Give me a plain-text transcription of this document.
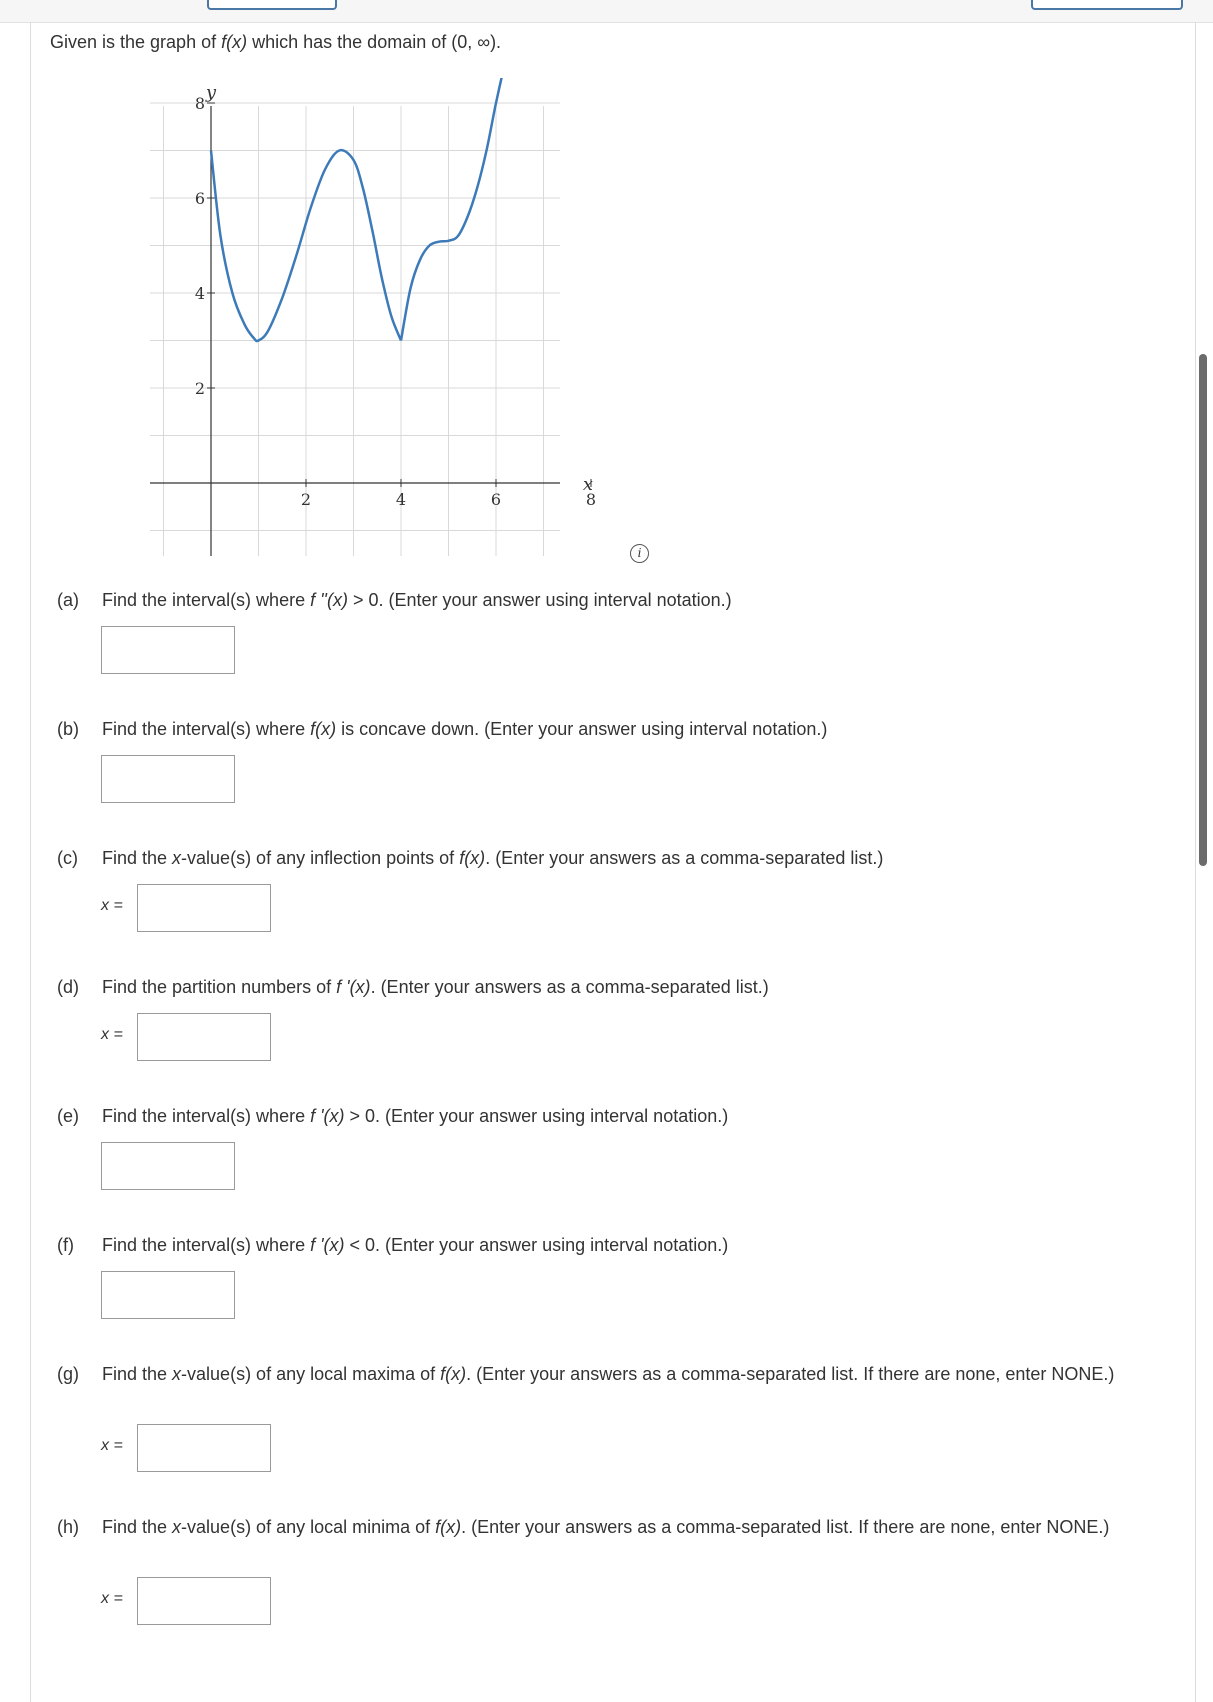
Given is the graph of f(x) which has the domain of (0, ∞).
2	4	6	8
2
4
6
8
x
y
i
(a) Find the interval(s) where f ''(x) > 0. (Enter your answer using interval notation.)
(b) Find the interval(s) where f(x) is concave down. (Enter your answer using interval notation.)
(c) Find the x-value(s) of any inflection points of f(x). (Enter your answers as a comma-separated list.)
x =
(d) Find the partition numbers of f '(x). (Enter your answers as a comma-separated list.)
x =
(e) Find the interval(s) where f '(x) > 0. (Enter your answer using interval notation.)
(f) Find the interval(s) where f '(x) < 0. (Enter your answer using interval notation.)
(g) Find the x-value(s) of any local maxima of f(x). (Enter your answers as a comma-separated list. If there are none, enter NONE.)
x =
(h) Find the x-value(s) of any local minima of f(x). (Enter your answers as a comma-separated list. If there are none, enter NONE.)
x =
